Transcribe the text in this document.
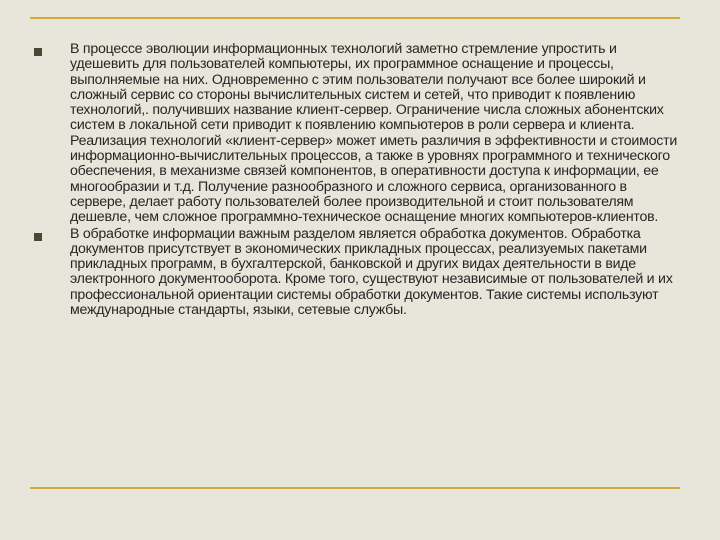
В процессе эволюции информационных технологий заметно стремление упростить и удешевить для пользователей компьютеры, их программное оснащение и процессы, выполняемые на них. Одновременно с этим пользователи получают все более широкий и сложный сервис со стороны вычислительных систем и сетей, что приводит к появлению технологий,. получивших название клиент-сервер. Ограничение числа сложных абонентских систем в локальной сети приводит к появлению компьютеров в роли сервера и клиента. Реализация технологий «клиент-сервер» может иметь различия в эффективности и стоимости информационно-вычислительных процессов, а также в уровнях программного и технического обеспечения, в механизме связей компонентов, в оперативности доступа к информации, ее многообразии и т.д. Получение разнообразного и сложного сервиса, организованного в сервере, делает работу пользователей более производительной и стоит пользователям дешевле, чем сложное программно-техническое оснащение многих компьютеров-клиентов.
В обработке информации важным разделом является обработка документов. Обработка документов присутствует в экономических прикладных процессах, реализуемых пакетами прикладных программ, в бухгалтерской, банковской и других видах деятельности в виде электронного документооборота. Кроме того, существуют независимые от пользователей и их профессиональной ориентации системы обработки документов. Такие системы используют международные стандарты, языки, сетевые службы.
